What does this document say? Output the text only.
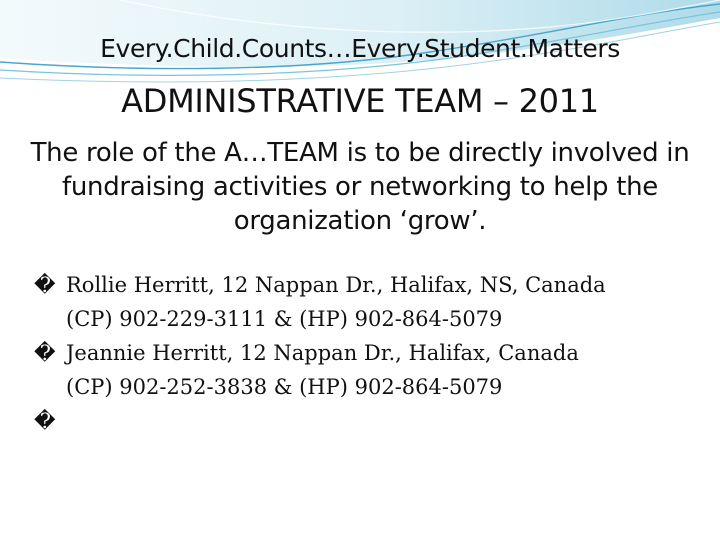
Every.Child.Counts…Every.Student.Matters
ADMINISTRATIVE TEAM – 2011
The role of the A…TEAM is to be directly involved in fundraising activities or networking to help the organization ‘grow’.
� Rollie Herritt, 12 Nappan Dr., Halifax, NS, Canada
(CP) 902-229-3111 & (HP) 902-864-5079
� Jeannie Herritt, 12 Nappan Dr., Halifax, Canada
(CP) 902-252-3838 & (HP) 902-864-5079
�
